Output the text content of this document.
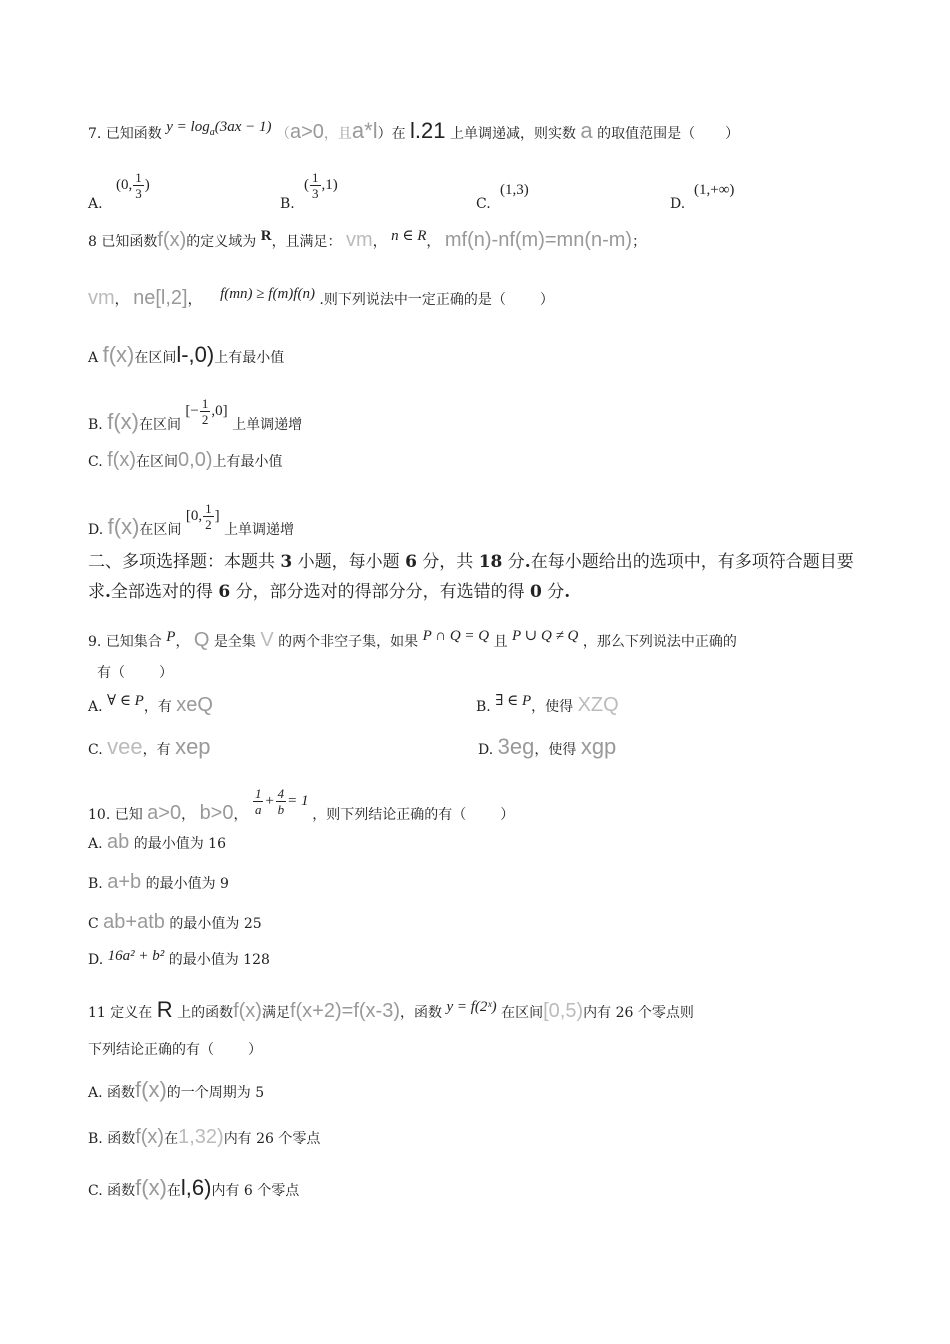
7. 已知函数 $y = \log_a(3ax - 1)$ （a>0，且a*l）在 l.21 上单调递减，则实数 a 的取值范围是（ ）
A.
(0, $\frac{1}{3}$ )
B.
( $\frac{1}{3} ,1$)
C.
(1,3)
D.
(1,+∞)
8 已知函数f(x)的定义域为 R，且满足： vm， n ∈ R， mf(n)-nf(m)=mn(n-m)；
vm， ne[l,2]， f(mn) ≥ f(m)f(n) .则下列说法中一定正确的是（ ）
A f(x)在区间l-,0)上有最小值
B. f(x)在区间 [− $\frac{1}{2} ,0$] 上单调递增
C. f(x)在区间0,0)上有最小值
D. f(x)在区间 [0, $\frac{1}{2}$ ] 上单调递增
二、多项选择题：本题共 3 小题，每小题 6 分，共 18 分.在每小题给出的选项中，有多项符合题目要求.全部选对的得 6 分，部分选对的得部分分，有选错的得 0 分.
9. 已知集合 P， Q 是全集 V 的两个非空子集，如果 P ∩ Q = Q 且 P ∪ Q ≠ Q ，那么下列说法中正确的
有（ ）
A. ∀ ∈ P，有 xeQ	B. ∃ ∈ P，使得 XZQ
C. vee，有 xep	D. 3eg，使得 xgp
10. 已知 a>0， b>0， $\frac{1}{a} + \frac{4}{b} = 1$ ，则下列结论正确的有（ ）
A. ab 的最小值为 16
B. a+b 的最小值为 9
C ab+atb 的最小值为 25
D. 16a² + b² 的最小值为 128
11 定义在 R 上的函数f(x)满足f(x+2)=f(x-3)，函数 y = f(2ˣ) 在区间[0,5)内有 26 个零点则
下列结论正确的有（ ）
A. 函数f(x)的一个周期为 5
B. 函数f(x)在1,32)内有 26 个零点
C. 函数f(x)在l,6)内有 6 个零点
